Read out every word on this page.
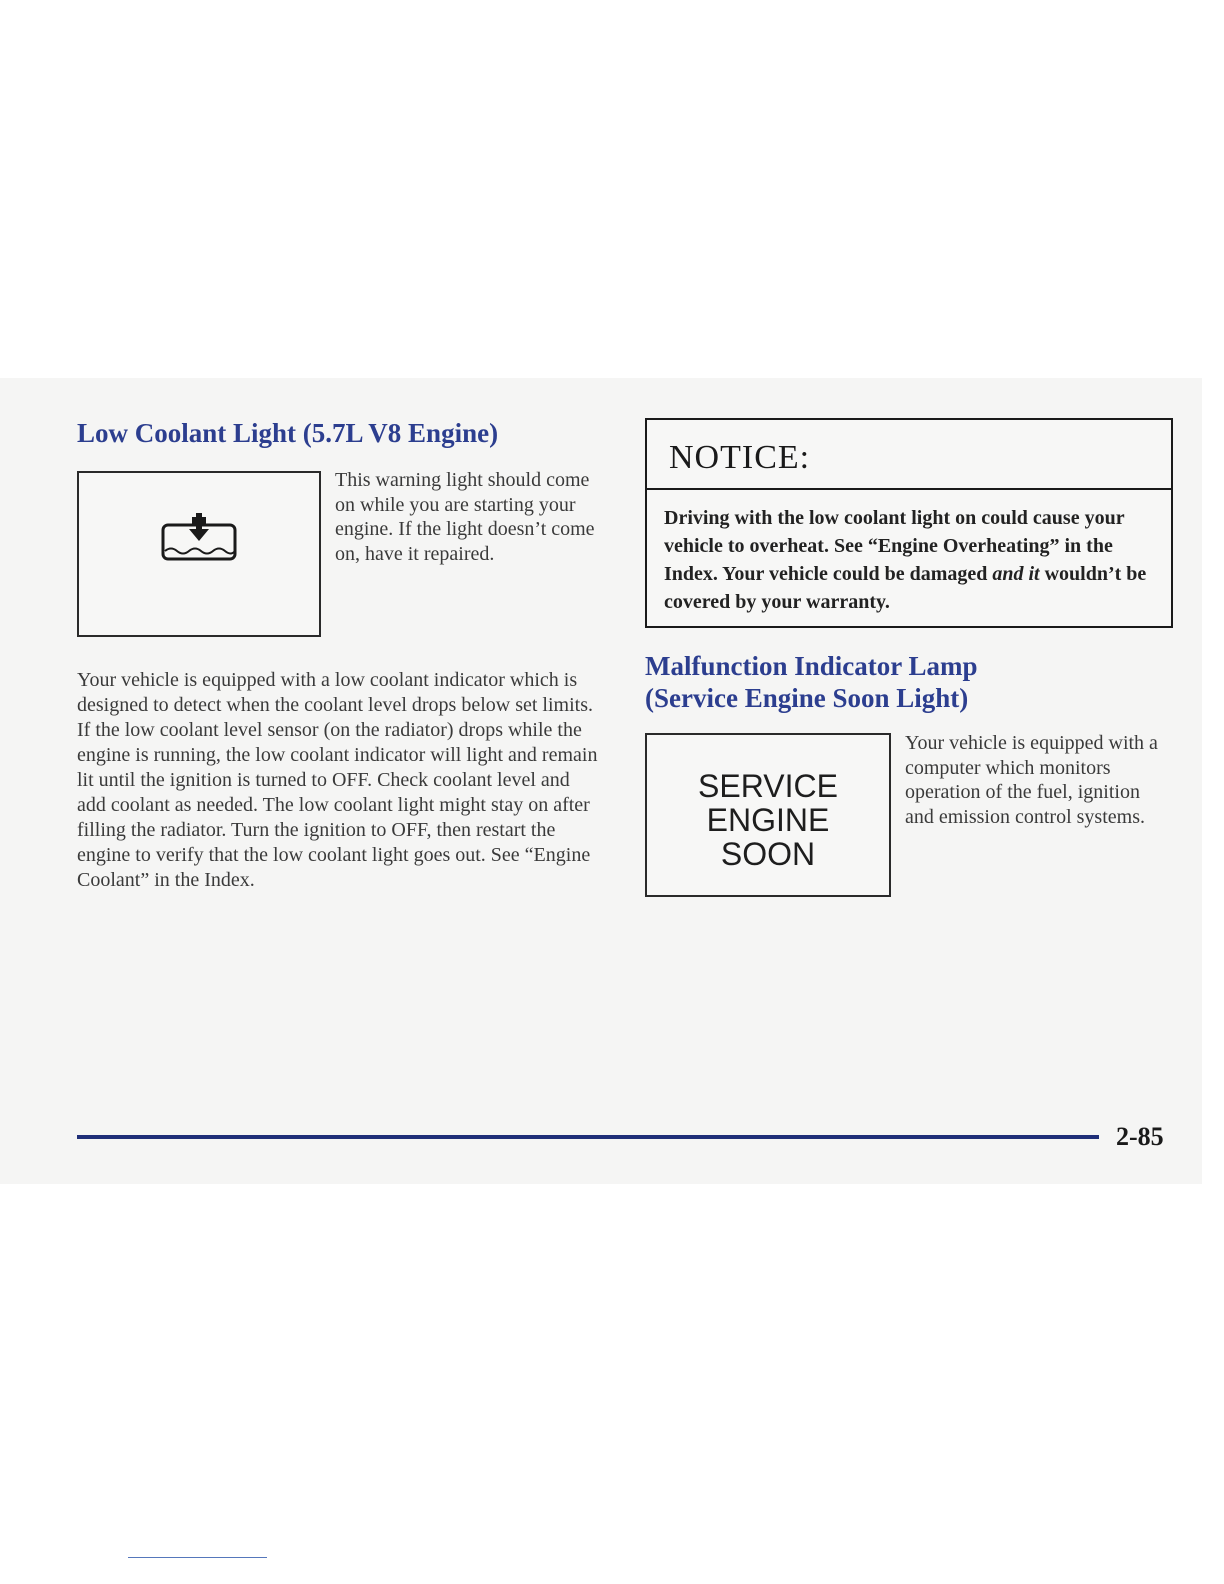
Low Coolant Light (5.7L V8 Engine)
This warning light should come on while you are starting your engine. If the light doesn’t come on, have it repaired.
Your vehicle is equipped with a low coolant indicator which is designed to detect when the coolant level drops below set limits. If the low coolant level sensor (on the radiator) drops while the engine is running, the low coolant indicator will light and remain lit until the ignition is turned to OFF. Check coolant level and add coolant as needed. The low coolant light might stay on after filling the radiator. Turn the ignition to OFF, then restart the engine to verify that the low coolant light goes out. See “Engine Coolant” in the Index.
NOTICE:
Driving with the low coolant light on could cause your vehicle to overheat. See “Engine Overheating” in the Index. Your vehicle could be damaged and it wouldn’t be covered by your warranty.
Malfunction Indicator Lamp
(Service Engine Soon Light)
SERVICE
ENGINE
SOON
Your vehicle is equipped with a computer which monitors operation of the fuel, ignition and emission control systems.
2-85
